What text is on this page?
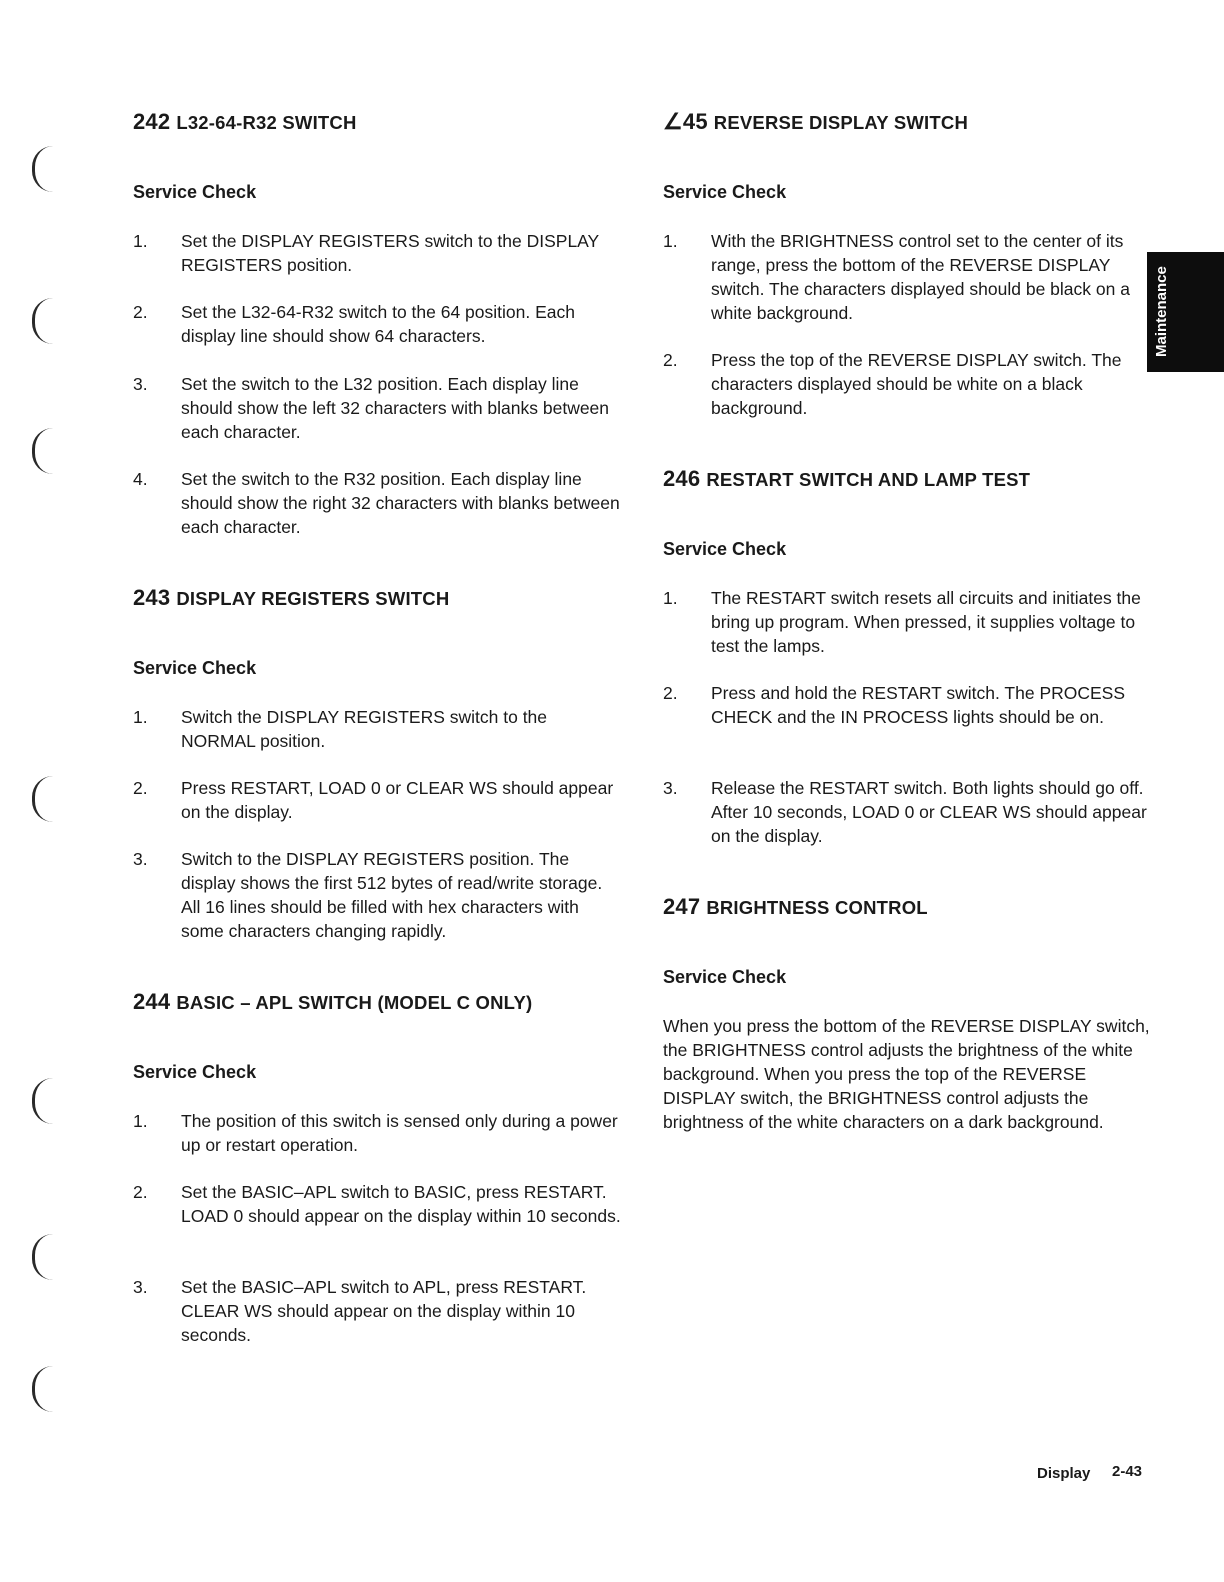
242 L32-64-R32 SWITCH
Service Check
1.	Set the DISPLAY REGISTERS switch to the DISPLAY REGISTERS position.
2.	Set the L32-64-R32 switch to the 64 position. Each display line should show 64 characters.
3.	Set the switch to the L32 position. Each display line should show the left 32 characters with blanks between each character.
4.	Set the switch to the R32 position. Each display line should show the right 32 characters with blanks between each character.
243 DISPLAY REGISTERS SWITCH
Service Check
1.	Switch the DISPLAY REGISTERS switch to the NORMAL position.
2.	Press RESTART, LOAD 0 or CLEAR WS should appear on the display.
3.	Switch to the DISPLAY REGISTERS position. The display shows the first 512 bytes of read/write storage. All 16 lines should be filled with hex characters with some characters changing rapidly.
244 BASIC – APL SWITCH (MODEL C ONLY)
Service Check
1.	The position of this switch is sensed only during a power up or restart operation.
2.	Set the BASIC–APL switch to BASIC, press RESTART. LOAD 0 should appear on the display within 10 seconds.
3.	Set the BASIC–APL switch to APL, press RESTART. CLEAR WS should appear on the display within 10 seconds.
∠45 REVERSE DISPLAY SWITCH
Service Check
1.	With the BRIGHTNESS control set to the center of its range, press the bottom of the REVERSE DISPLAY switch. The characters displayed should be black on a white background.
2.	Press the top of the REVERSE DISPLAY switch. The characters displayed should be white on a black background.
246 RESTART SWITCH AND LAMP TEST
Service Check
1.	The RESTART switch resets all circuits and initiates the bring up program. When pressed, it supplies voltage to test the lamps.
2.	Press and hold the RESTART switch. The PROCESS CHECK and the IN PROCESS lights should be on.
3.	Release the RESTART switch. Both lights should go off. After 10 seconds, LOAD 0 or CLEAR WS should appear on the display.
247 BRIGHTNESS CONTROL
Service Check

When you press the bottom of the REVERSE DISPLAY switch, the BRIGHTNESS control adjusts the brightness of the white background. When you press the top of the REVERSE DISPLAY switch, the BRIGHTNESS control adjusts the brightness of the white characters on a dark background.

Maintenance
Display 2-43
